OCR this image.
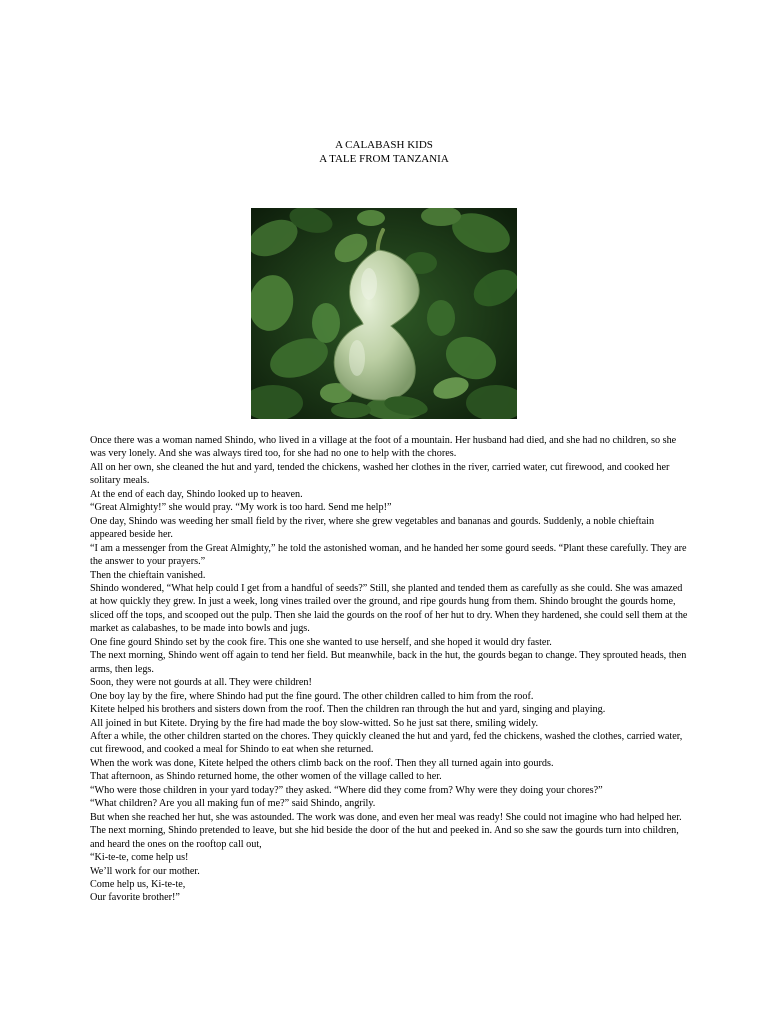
A CALABASH KIDS
A TALE FROM TANZANIA

Once there was a woman named Shindo, who lived in a village at the foot of a mountain. Her husband had died, and she had no children, so she was very lonely. And she was always tired too, for she had no one to help with the chores.

All on her own, she cleaned the hut and yard, tended the chickens, washed her clothes in the river, carried water, cut firewood, and cooked her solitary meals.

At the end of each day, Shindo looked up to heaven.

“Great Almighty!” she would pray. “My work is too hard. Send me help!”

One day, Shindo was weeding her small field by the river, where she grew vegetables and bananas and gourds. Suddenly, a noble chieftain appeared beside her.

“I am a messenger from the Great Almighty,” he told the astonished woman, and he handed her some gourd seeds. “Plant these carefully. They are the answer to your prayers.”

Then the chieftain vanished.

Shindo wondered, “What help could I get from a handful of seeds?” Still, she planted and tended them as carefully as she could. She was amazed at how quickly they grew. In just a week, long vines trailed over the ground, and ripe gourds hung from them. Shindo brought the gourds home, sliced off the tops, and scooped out the pulp. Then she laid the gourds on the roof of her hut to dry. When they hardened, she could sell them at the market as calabashes, to be made into bowls and jugs.

One fine gourd Shindo set by the cook fire. This one she wanted to use herself, and she hoped it would dry faster.

The next morning, Shindo went off again to tend her field. But meanwhile, back in the hut, the gourds began to change. They sprouted heads, then arms, then legs.

Soon, they were not gourds at all. They were children!

One boy lay by the fire, where Shindo had put the fine gourd. The other children called to him from the roof.

Kitete helped his brothers and sisters down from the roof. Then the children ran through the hut and yard, singing and playing.

All joined in but Kitete. Drying by the fire had made the boy slow-witted. So he just sat there, smiling widely.

After a while, the other children started on the chores. They quickly cleaned the hut and yard, fed the chickens, washed the clothes, carried water, cut firewood, and cooked a meal for Shindo to eat when she returned.

When the work was done, Kitete helped the others climb back on the roof. Then they all turned again into gourds.

That afternoon, as Shindo returned home, the other women of the village called to her.

“Who were those children in your yard today?” they asked. “Where did they come from? Why were they doing your chores?”

“What children? Are you all making fun of me?” said Shindo, angrily.

But when she reached her hut, she was astounded. The work was done, and even her meal was ready! She could not imagine who had helped her.

The next morning, Shindo pretended to leave, but she hid beside the door of the hut and peeked in. And so she saw the gourds turn into children, and heard the ones on the rooftop call out,

“Ki-te-te, come help us!

We’ll work for our mother.

Come help us, Ki-te-te,

Our favorite brother!”
